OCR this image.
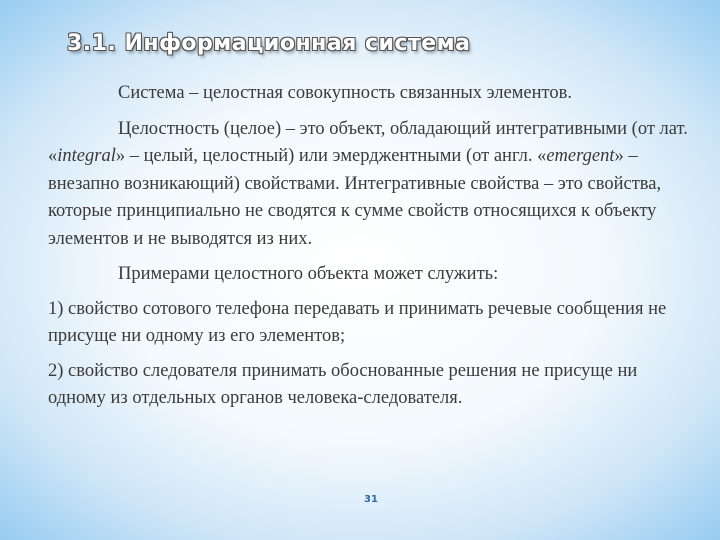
3.1. Информационная система

Система – целостная совокупность связанных элементов.

Целостность (целое) – это объект, обладающий интегративными (от лат. «integral» – целый, целостный) или эмерджентными (от англ. «emergent» – внезапно возникающий) свойствами. Интегративные свойства – это свойства, которые принципиально не сводятся к сумме свойств относящихся к объекту элементов и не выводятся из них.

Примерами целостного объекта может служить:

1) свойство сотового телефона передавать и принимать речевые сообщения не присуще ни одному из его элементов;

2) свойство следователя принимать обоснованные решения не присуще ни одному из отдельных органов человека-следователя.

31
